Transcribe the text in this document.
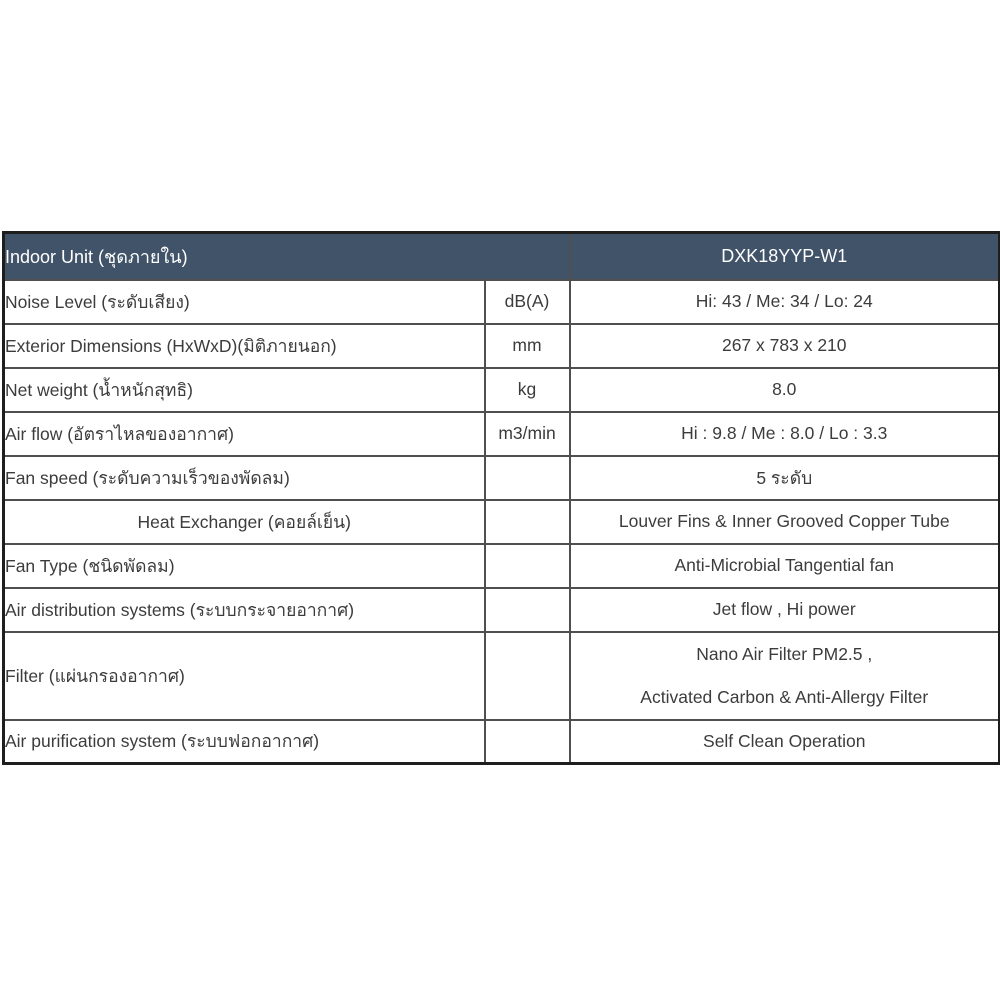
Indoor Unit (ชุดภายใน)		DXK18YYP-W1
Noise Level (ระดับเสียง)	dB(A)	Hi: 43 / Me: 34 / Lo: 24
Exterior Dimensions (HxWxD)(มิติภายนอก)	mm	267 x 783 x 210
Net weight (น้ำหนักสุทธิ)	kg	8.0
Air flow (อัตราไหลของอากาศ)	m3/min	Hi : 9.8 / Me : 8.0 / Lo : 3.3
Fan speed (ระดับความเร็วของพัดลม)		5 ระดับ
Heat Exchanger (คอยล์เย็น)		Louver Fins & Inner Grooved Copper Tube
Fan Type (ชนิดพัดลม)		Anti-Microbial Tangential fan
Air distribution systems (ระบบกระจายอากาศ)		Jet flow , Hi power
Filter (แผ่นกรองอากาศ)		Nano Air Filter PM2.5 ,
Activated Carbon & Anti-Allergy Filter

Air purification system (ระบบฟอกอากาศ)		Self Clean Operation
